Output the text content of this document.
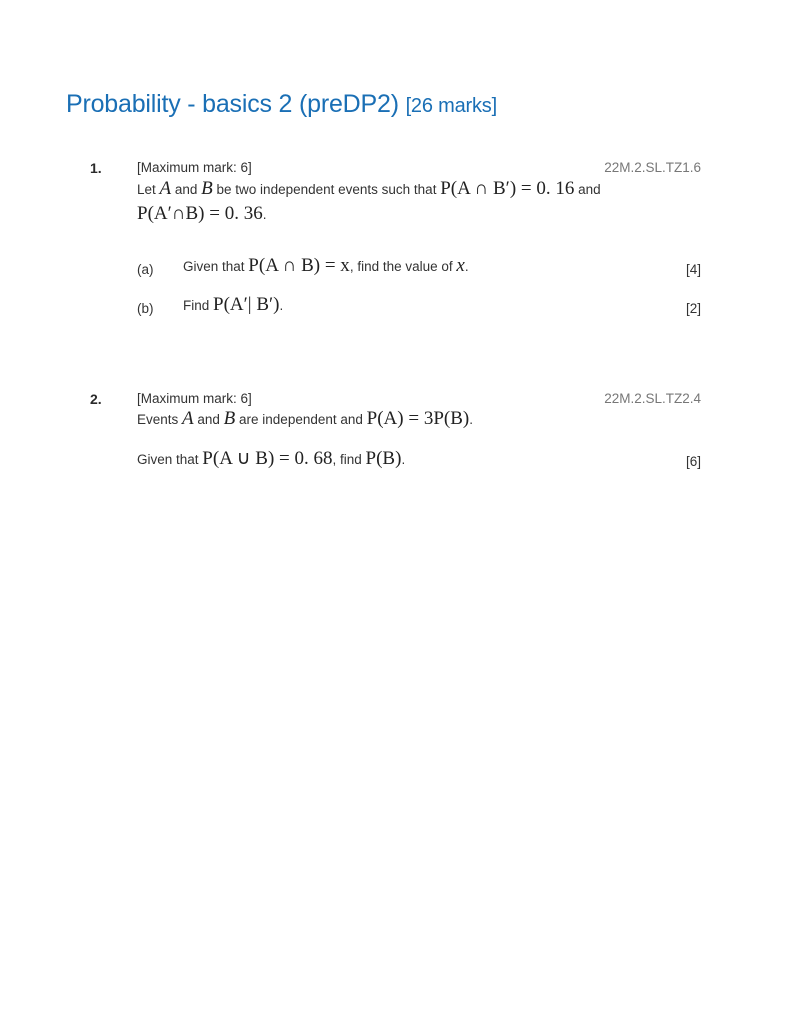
Probability - basics 2 (preDP2) [26 marks]
1.	[Maximum mark: 6]	22M.2.SL.TZ1.6
Let A and B be two independent events such that P(A ∩ B′) = 0. 16 and
P(A′∩B) = 0. 36.
(a) Given that P(A ∩ B) = x, find the value of x.	[4]
(b) Find P(A′| B′).	[2]
2.	[Maximum mark: 6]	22M.2.SL.TZ2.4
Events A and B are independent and P(A) = 3P(B).
Given that P(A ∪ B) = 0. 68, find P(B).	[6]
